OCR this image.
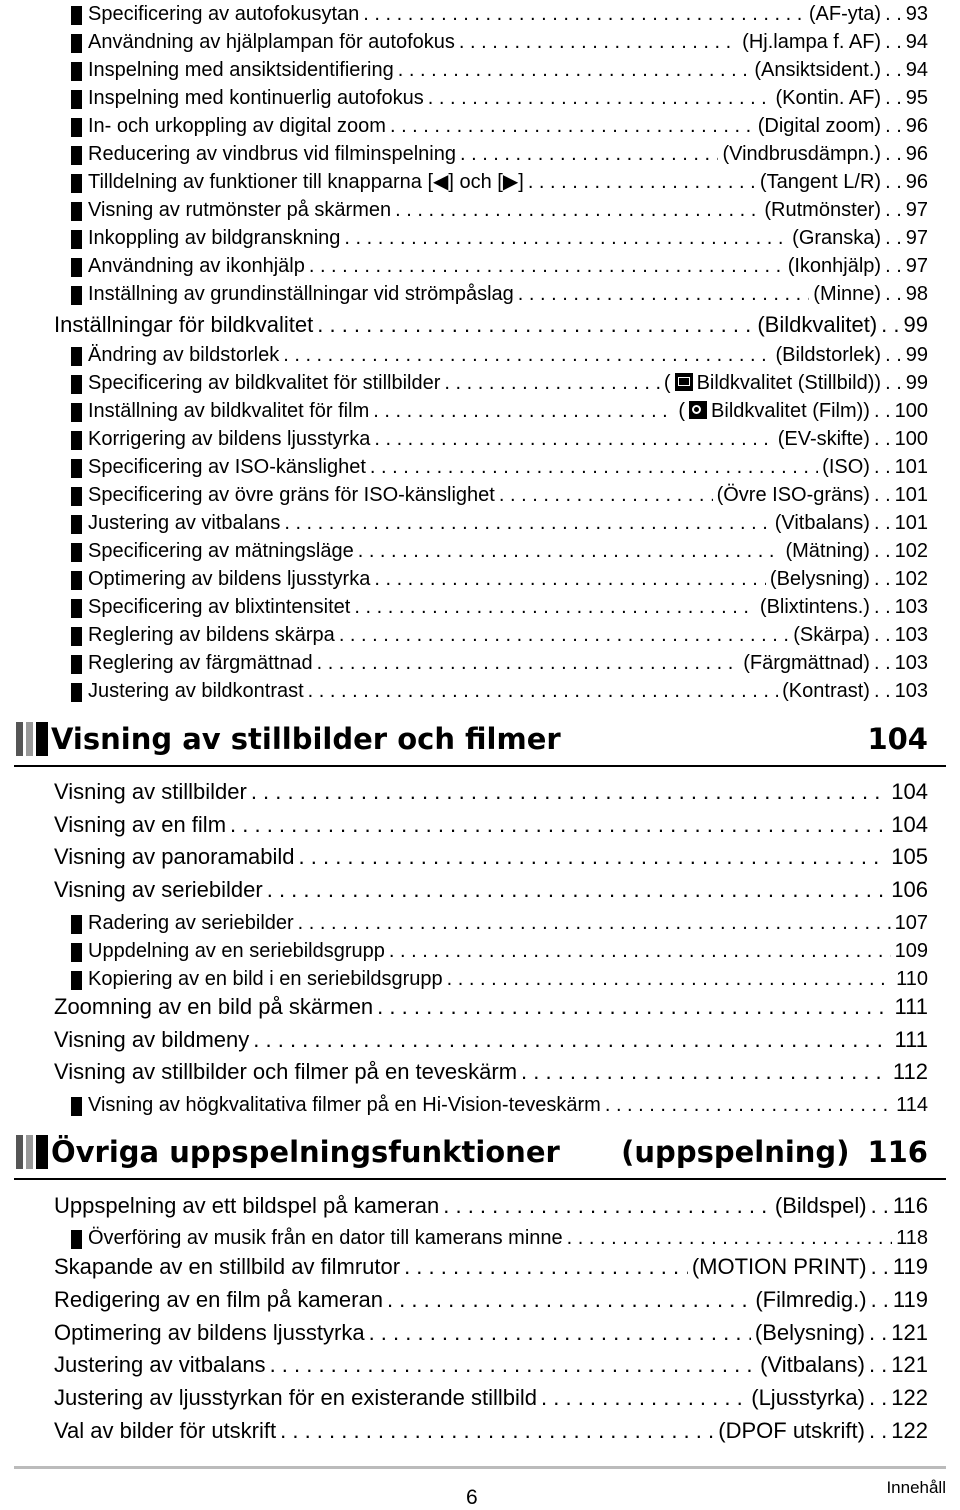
Specificering av autofokusytan . . .	(AF-yta) . . 93
Användning av hjälplampan för autofokus . . .	(Hj.lampa f. AF) . . 94
Inspelning med ansiktsidentifiering . . .	(Ansiktsident.) . . 94
Inspelning med kontinuerlig autofokus . . .	(Kontin. AF) . . 95
In- och urkoppling av digital zoom . . .	(Digital zoom) . . 96
Reducering av vindbrus vid filminspelning . . .	(Vindbrusdämpn.) . . 96
Tilldelning av funktioner till knapparna [◀] och [▶] . . .	(Tangent L/R) . . 96
Visning av rutmönster på skärmen . . .	(Rutmönster) . . 97
Inkoppling av bildgranskning . . .	(Granska) . . 97
Användning av ikonhjälp . . .	(Ikonhjälp) . . 97
Inställning av grundinställningar vid strömpåslag . . .	(Minne) . . 98
Inställningar för bildkvalitet . . .	(Bildkvalitet) . . 99
Ändring av bildstorlek . . .	(Bildstorlek) . . 99
Specificering av bildkvalitet för stillbilder . . .	( Bildkvalitet (Stillbild)) . . 99
Inställning av bildkvalitet för film . . .	( Bildkvalitet (Film)) . . 100
Korrigering av bildens ljusstyrka . . .	(EV-skifte) . . 100
Specificering av ISO-känslighet . . .	(ISO) . . 101
Specificering av övre gräns för ISO-känslighet . . .	(Övre ISO-gräns) . . 101
Justering av vitbalans . . .	(Vitbalans) . . 101
Specificering av mätningsläge . . .	(Mätning) . . 102
Optimering av bildens ljusstyrka . . .	(Belysning) . . 102
Specificering av blixtintensitet . . .	(Blixtintens.) . . 103
Reglering av bildens skärpa . . .	(Skärpa) . . 103
Reglering av färgmättnad . . .	(Färgmättnad) . . 103
Justering av bildkontrast . . .	(Kontrast) . . 103
Visning av stillbilder och filmer	104
Visning av stillbilder . . .	104
Visning av en film . . .	104
Visning av panoramabild . . .	105
Visning av seriebilder . . .	106
Radering av seriebilder . . .	107
Uppdelning av en seriebildsgrupp . . .	109
Kopiering av en bild i en seriebildsgrupp . . .	110
Zoomning av en bild på skärmen . . .	111
Visning av bildmeny . . .	111
Visning av stillbilder och filmer på en teveskärm . . .	112
Visning av högkvalitativa filmer på en Hi-Vision-teveskärm . . .	114
Övriga uppspelningsfunktioner	(uppspelning) 116
Uppspelning av ett bildspel på kameran . . .	(Bildspel) . . 116
Överföring av musik från en dator till kamerans minne . . .	118
Skapande av en stillbild av filmrutor . . .	(MOTION PRINT) . . 119
Redigering av en film på kameran . . .	(Filmredig.) . . 119
Optimering av bildens ljusstyrka . . .	(Belysning) . . 121
Justering av vitbalans . . .	(Vitbalans) . . 121
Justering av ljusstyrkan för en existerande stillbild . . .	(Ljusstyrka) . . 122
Val av bilder för utskrift . . .	(DPOF utskrift) . . 122
6	Innehåll
